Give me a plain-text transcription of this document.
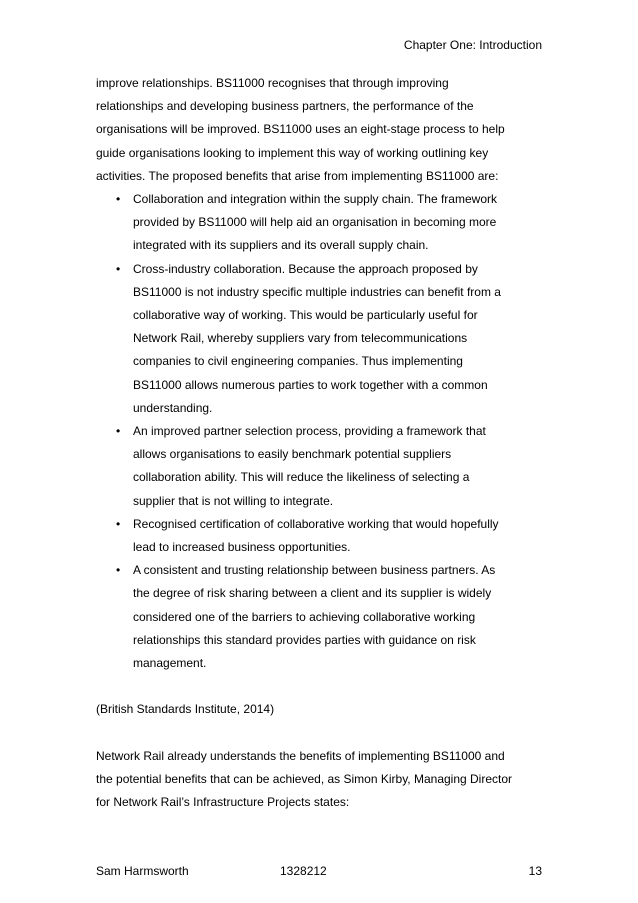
Chapter One: Introduction
improve relationships. BS11000 recognises that through improving
relationships and developing business partners, the performance of the
organisations will be improved. BS11000 uses an eight-stage process to help
guide organisations looking to implement this way of working outlining key
activities. The proposed benefits that arise from implementing BS11000 are:
• Collaboration and integration within the supply chain. The framework
provided by BS11000 will help aid an organisation in becoming more
integrated with its suppliers and its overall supply chain.
• Cross-industry collaboration. Because the approach proposed by
BS11000 is not industry specific multiple industries can benefit from a
collaborative way of working. This would be particularly useful for
Network Rail, whereby suppliers vary from telecommunications
companies to civil engineering companies. Thus implementing
BS11000 allows numerous parties to work together with a common
understanding.
• An improved partner selection process, providing a framework that
allows organisations to easily benchmark potential suppliers
collaboration ability. This will reduce the likeliness of selecting a
supplier that is not willing to integrate.
• Recognised certification of collaborative working that would hopefully
lead to increased business opportunities.
• A consistent and trusting relationship between business partners. As
the degree of risk sharing between a client and its supplier is widely
considered one of the barriers to achieving collaborative working
relationships this standard provides parties with guidance on risk
management.
(British Standards Institute, 2014)
Network Rail already understands the benefits of implementing BS11000 and
the potential benefits that can be achieved, as Simon Kirby, Managing Director
for Network Rail’s Infrastructure Projects states:
Sam Harmsworth	1328212	13
